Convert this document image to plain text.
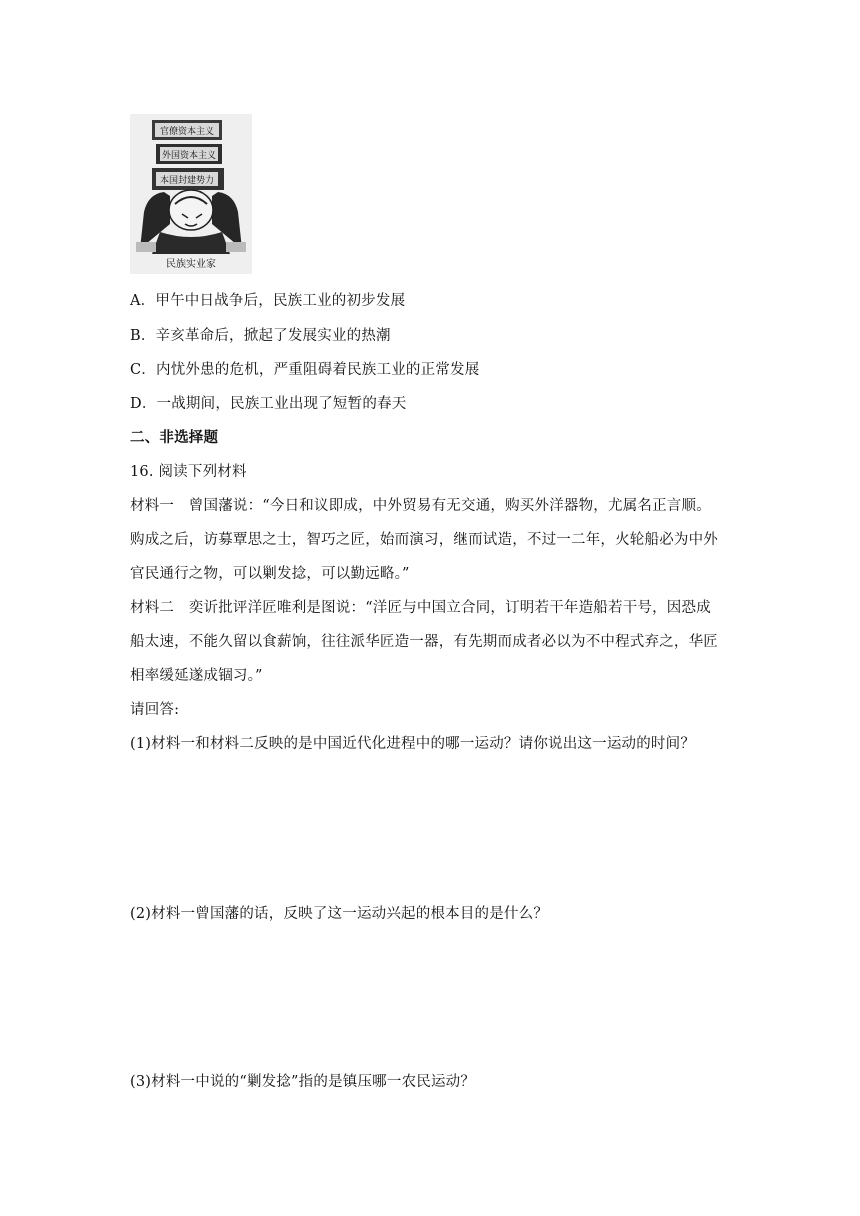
官僚资本主义
外国资本主义
本国封建势力
民族实业家
A．甲午中日战争后，民族工业的初步发展
B．辛亥革命后，掀起了发展实业的热潮
C．内忧外患的危机，严重阻碍着民族工业的正常发展
D．一战期间，民族工业出现了短暂的春天
二、非选择题
16. 阅读下列材料
材料一　曾国藩说：“今日和议即成，中外贸易有无交通，购买外洋器物，尤属名正言顺。
购成之后，访募覃思之士，智巧之匠，始而演习，继而试造，不过一二年，火轮船必为中外
官民通行之物，可以剿发捻，可以勤远略。”
材料二　奕䜣批评洋匠唯利是图说：“洋匠与中国立合同，订明若干年造船若干号，因恐成
船太速，不能久留以食薪饷，往往派华匠造一器，有先期而成者必以为不中程式弃之，华匠
相率缓延遂成锢习。”
请回答:
(1)材料一和材料二反映的是中国近代化进程中的哪一运动？请你说出这一运动的时间？
(2)材料一曾国藩的话，反映了这一运动兴起的根本目的是什么？
(3)材料一中说的“剿发捻”指的是镇压哪一农民运动？
